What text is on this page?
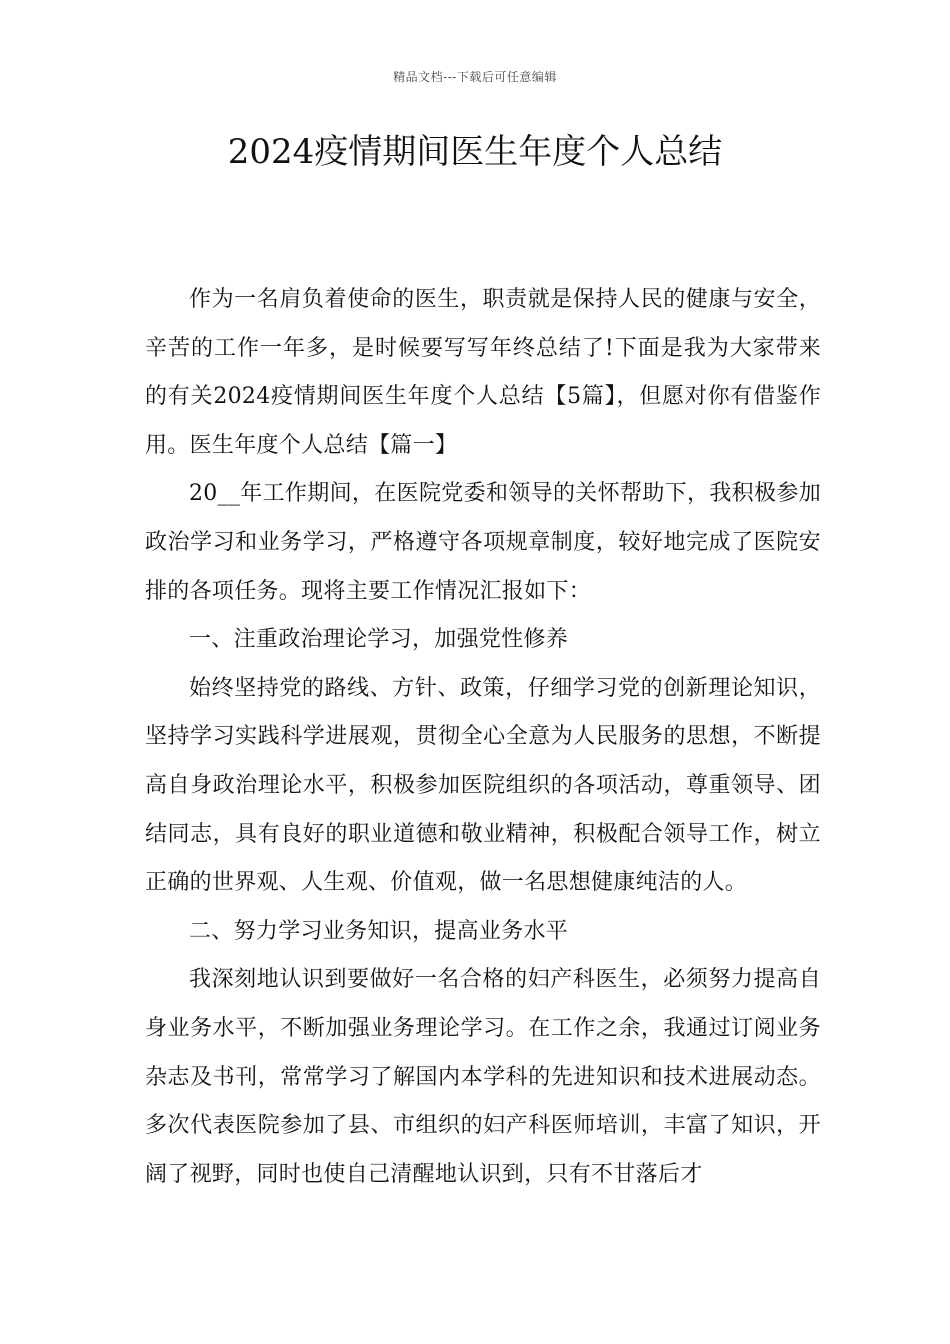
精品文档---下载后可任意编辑
2024疫情期间医生年度个人总结

作为一名肩负着使命的医生，职责就是保持人民的健康与安全，辛苦的工作一年多，是时候要写写年终总结了!下面是我为大家带来的有关2024疫情期间医生年度个人总结【5篇】，但愿对你有借鉴作用。医生年度个人总结【篇一】

20__年工作期间，在医院党委和领导的关怀帮助下，我积极参加政治学习和业务学习，严格遵守各项规章制度，较好地完成了医院安排的各项任务。现将主要工作情况汇报如下：

一、注重政治理论学习，加强党性修养

始终坚持党的路线、方针、政策，仔细学习党的创新理论知识，坚持学习实践科学进展观，贯彻全心全意为人民服务的思想，不断提高自身政治理论水平，积极参加医院组织的各项活动，尊重领导、团结同志，具有良好的职业道德和敬业精神，积极配合领导工作，树立正确的世界观、人生观、价值观，做一名思想健康纯洁的人。

二、努力学习业务知识，提高业务水平

我深刻地认识到要做好一名合格的妇产科医生，必须努力提高自身业务水平，不断加强业务理论学习。在工作之余，我通过订阅业务杂志及书刊，常常学习了解国内本学科的先进知识和技术进展动态。多次代表医院参加了县、市组织的妇产科医师培训，丰富了知识，开阔了视野，同时也使自己清醒地认识到，只有不甘落后才
